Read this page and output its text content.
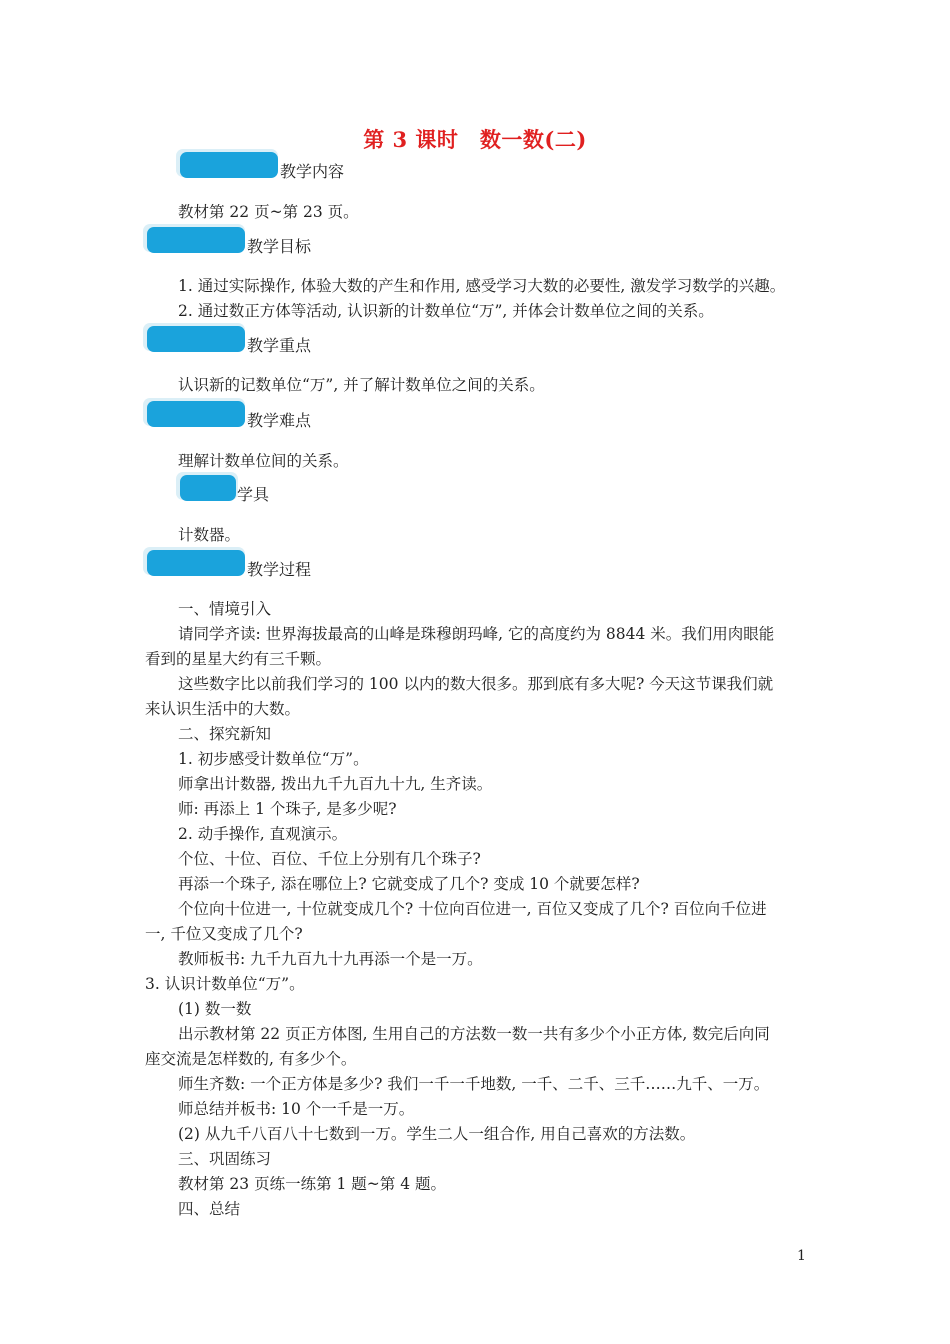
第 3 课时　数一数(二)
教学内容
教材第 22 页~第 23 页。
教学目标
1. 通过实际操作, 体验大数的产生和作用, 感受学习大数的必要性, 激发学习数学的兴趣。
2. 通过数正方体等活动, 认识新的计数单位“万”, 并体会计数单位之间的关系。
教学重点
认识新的记数单位“万”, 并了解计数单位之间的关系。
教学难点
理解计数单位间的关系。
学具
计数器。
教学过程
一、情境引入
请同学齐读: 世界海拔最高的山峰是珠穆朗玛峰, 它的高度约为 8844 米。我们用肉眼能
看到的星星大约有三千颗。
这些数字比以前我们学习的 100 以内的数大很多。那到底有多大呢? 今天这节课我们就
来认识生活中的大数。
二、探究新知
1. 初步感受计数单位“万”。
师拿出计数器, 拨出九千九百九十九, 生齐读。
师: 再添上 1 个珠子, 是多少呢?
2. 动手操作, 直观演示。
个位、十位、百位、千位上分别有几个珠子?
再添一个珠子, 添在哪位上? 它就变成了几个? 变成 10 个就要怎样?
个位向十位进一, 十位就变成几个? 十位向百位进一, 百位又变成了几个? 百位向千位进
一, 千位又变成了几个?
教师板书: 九千九百九十九再添一个是一万。
3. 认识计数单位“万”。
(1) 数一数
出示教材第 22 页正方体图, 生用自己的方法数一数一共有多少个小正方体, 数完后向同
座交流是怎样数的, 有多少个。
师生齐数: 一个正方体是多少? 我们一千一千地数, 一千、二千、三千……九千、一万。
师总结并板书: 10 个一千是一万。
(2) 从九千八百八十七数到一万。学生二人一组合作, 用自己喜欢的方法数。
三、巩固练习
教材第 23 页练一练第 1 题~第 4 题。
四、总结
1
